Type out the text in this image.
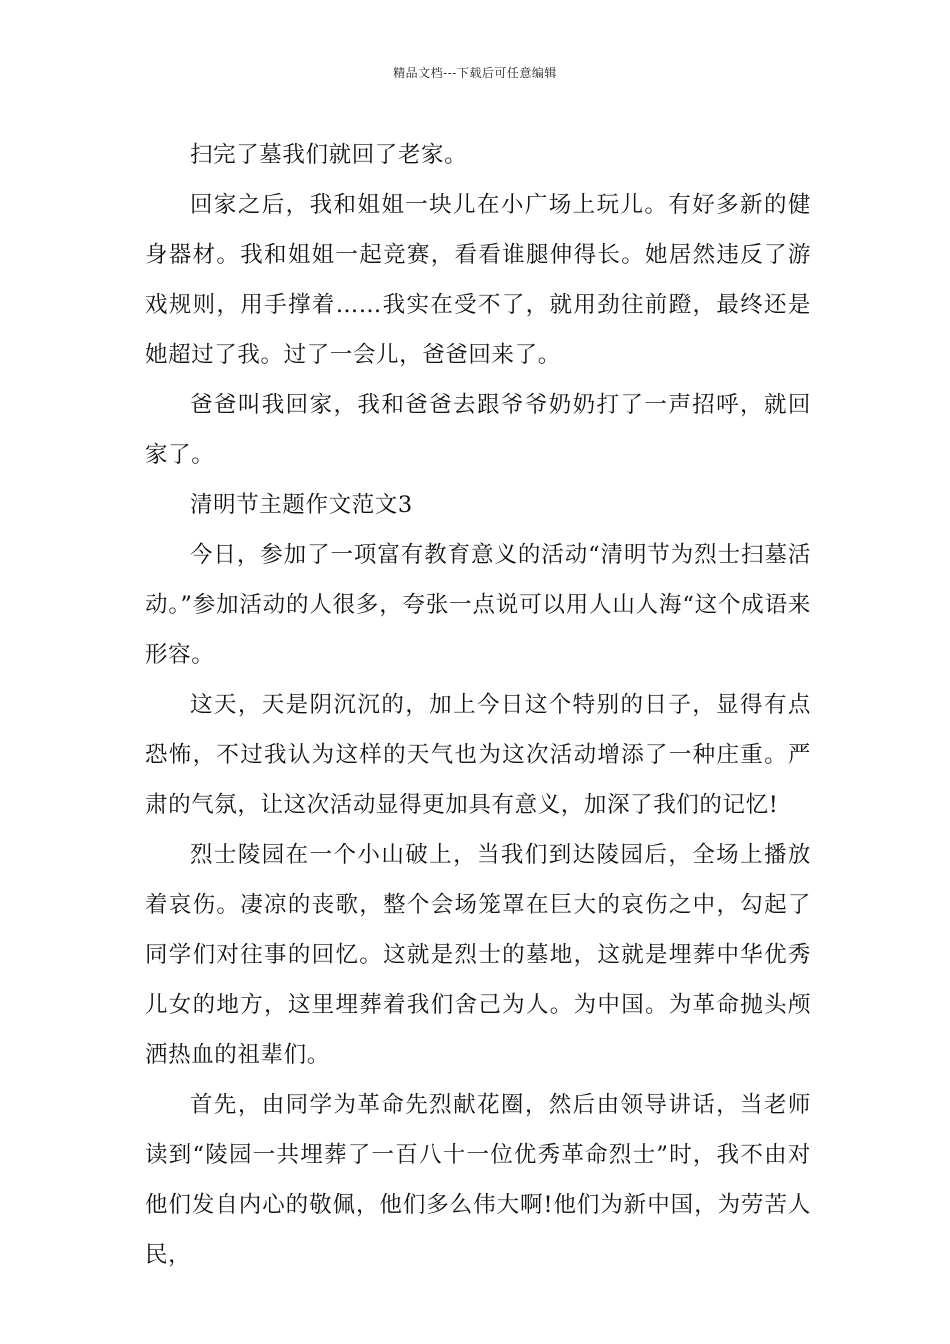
精品文档---下载后可任意编辑

扫完了墓我们就回了老家。

回家之后，我和姐姐一块儿在小广场上玩儿。有好多新的健身器材。我和姐姐一起竞赛，看看谁腿伸得长。她居然违反了游戏规则，用手撑着……我实在受不了，就用劲往前蹬，最终还是她超过了我。过了一会儿，爸爸回来了。

爸爸叫我回家，我和爸爸去跟爷爷奶奶打了一声招呼，就回家了。

清明节主题作文范文3

今日，参加了一项富有教育意义的活动“清明节为烈士扫墓活动。”参加活动的人很多，夸张一点说可以用人山人海“这个成语来形容。

这天，天是阴沉沉的，加上今日这个特别的日子，显得有点恐怖，不过我认为这样的天气也为这次活动增添了一种庄重。严肃的气氛，让这次活动显得更加具有意义，加深了我们的记忆!

烈士陵园在一个小山破上，当我们到达陵园后，全场上播放着哀伤。凄凉的丧歌，整个会场笼罩在巨大的哀伤之中，勾起了同学们对往事的回忆。这就是烈士的墓地，这就是埋葬中华优秀儿女的地方，这里埋葬着我们舍己为人。为中国。为革命抛头颅洒热血的祖辈们。

首先，由同学为革命先烈献花圈，然后由领导讲话，当老师读到“陵园一共埋葬了一百八十一位优秀革命烈士”时，我不由对他们发自内心的敬佩，他们多么伟大啊!他们为新中国，为劳苦人民，
